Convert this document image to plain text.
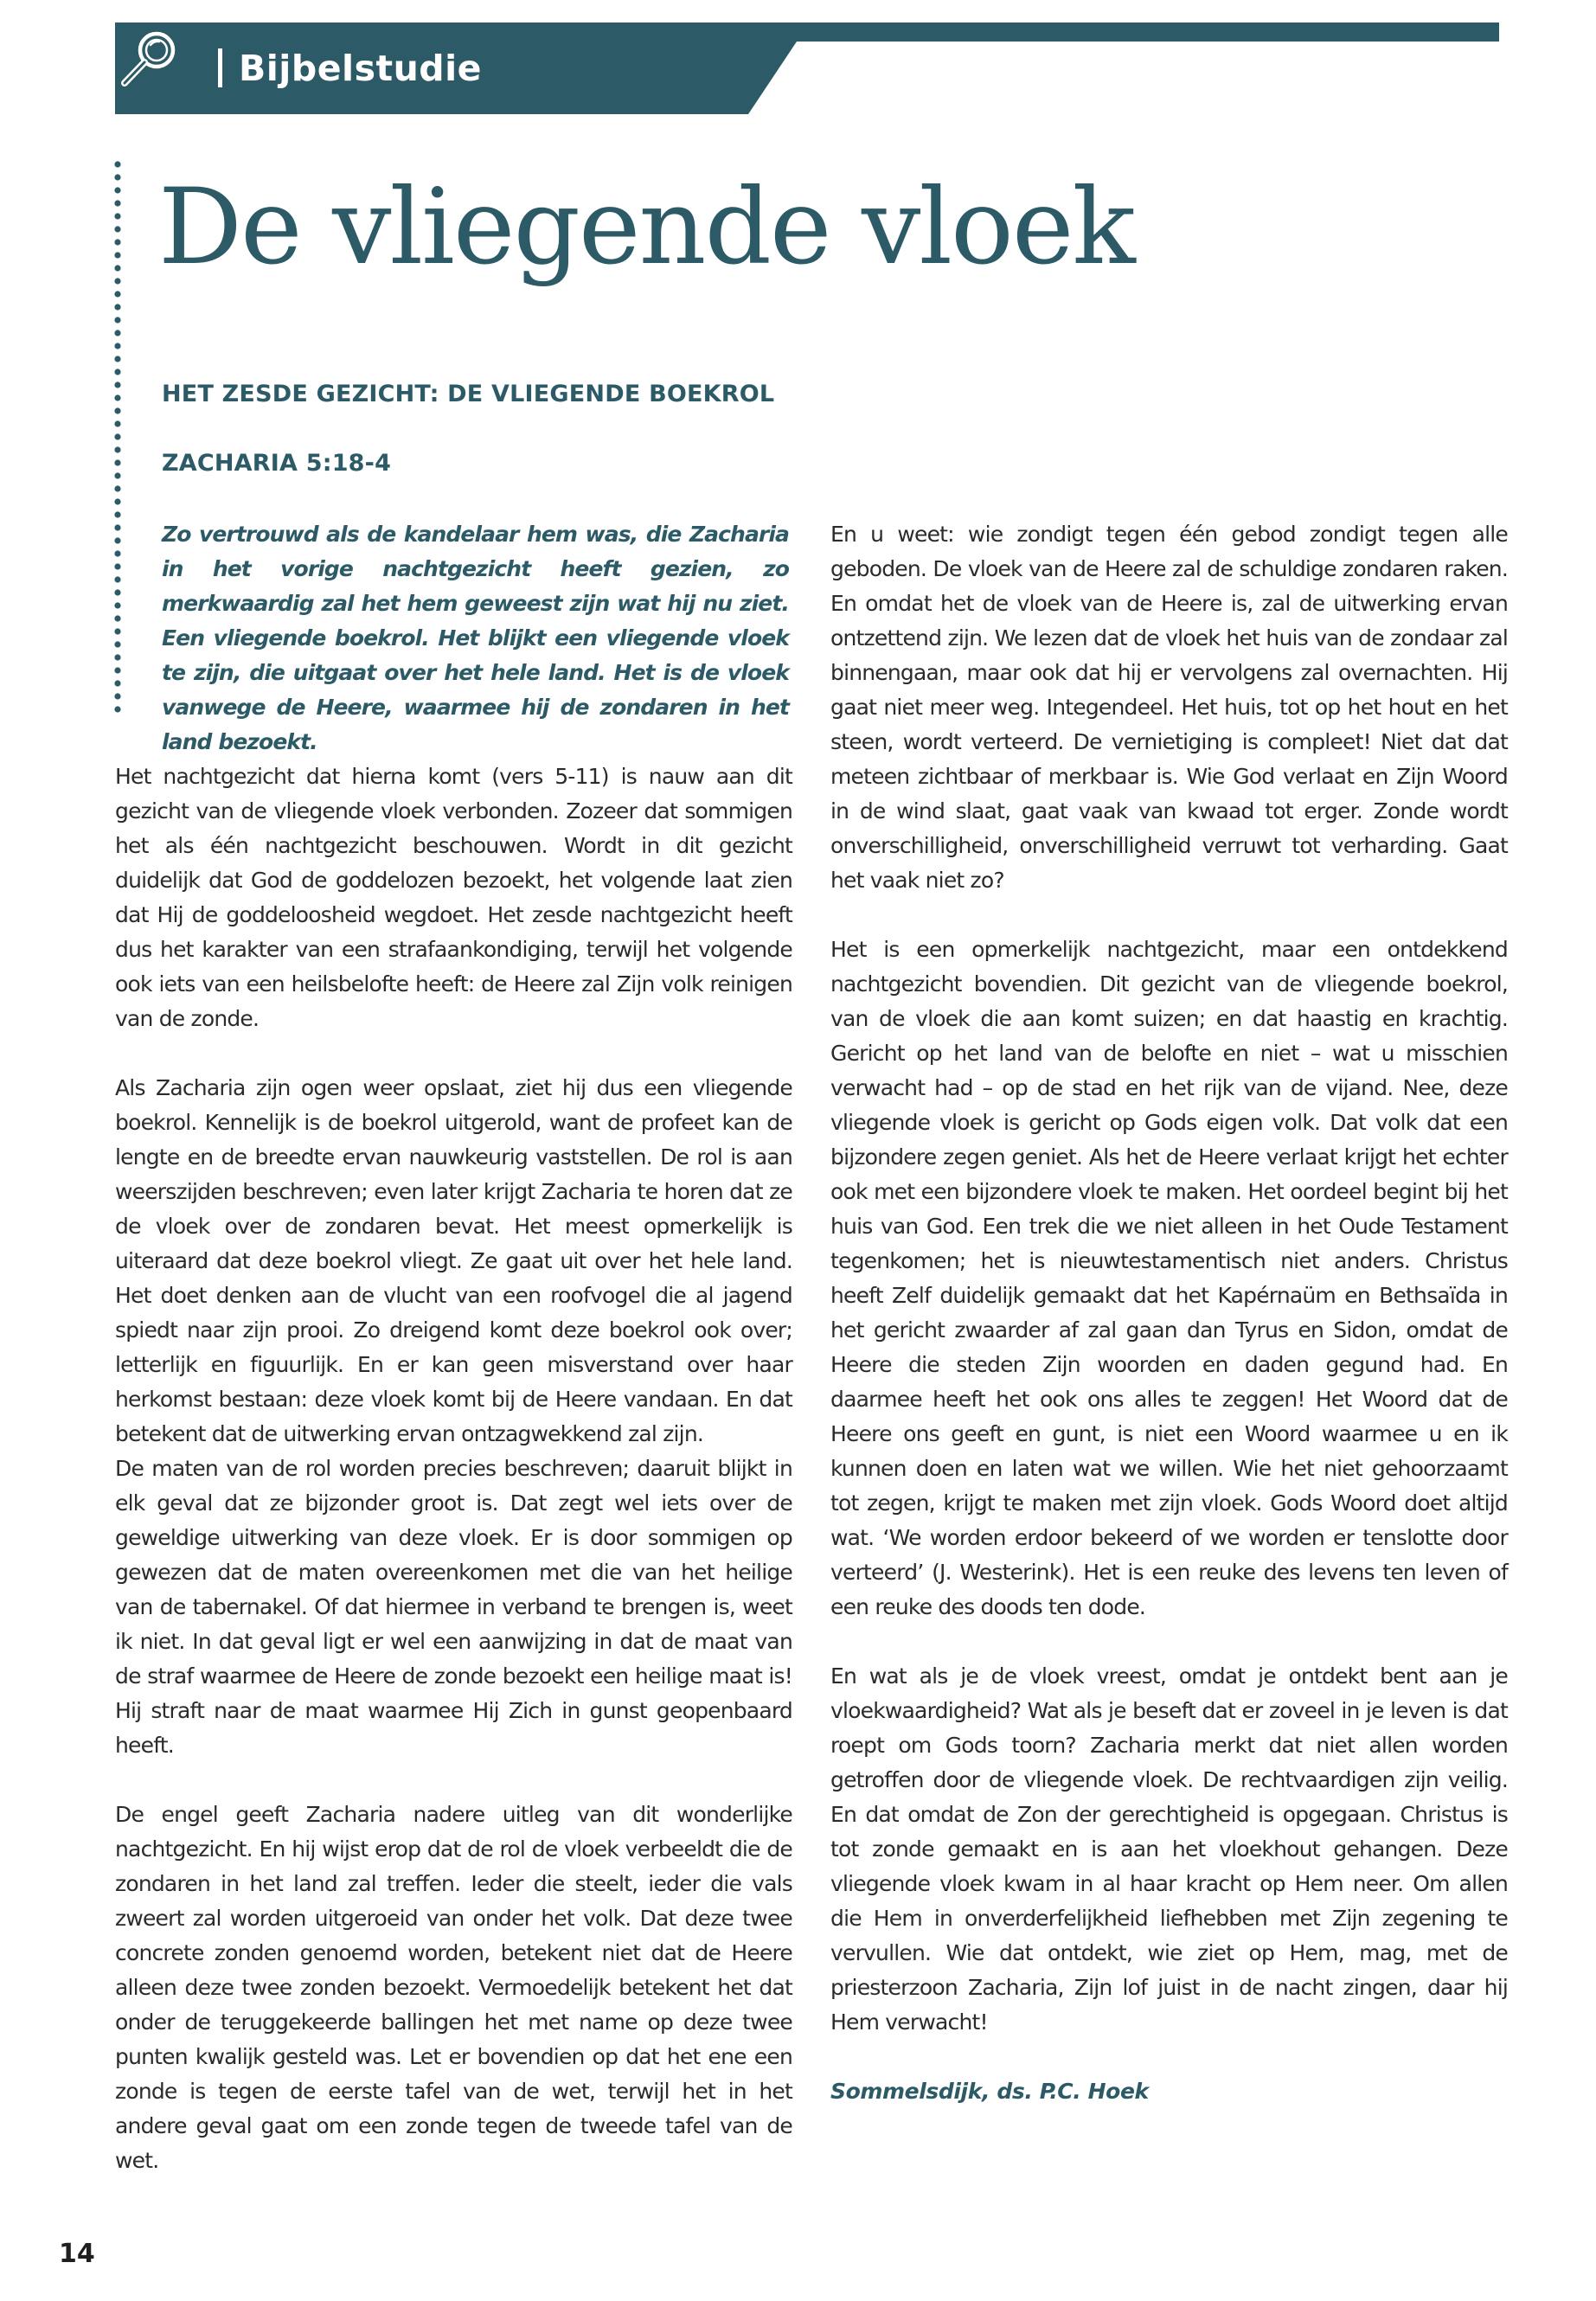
Bijbelstudie
De vliegende vloek

HET ZESDE GEZICHT: DE VLIEGENDE BOEKROL

ZACHARIA 5:18-4

Zo vertrouwd als de kandelaar hem was, die Zacharia in het vorige nachtgezicht heeft gezien, zo merkwaardig zal het hem geweest zijn wat hij nu ziet. Een vliegende boekrol. Het blijkt een vliegende vloek te zijn, die uitgaat over het hele land. Het is de vloek vanwege de Heere, waarmee hij de zondaren in het land bezoekt.

Het nachtgezicht dat hierna komt (vers 5-11) is nauw aan dit gezicht van de vliegende vloek verbonden. Zozeer dat sommigen het als één nachtgezicht beschouwen. Wordt in dit gezicht duidelijk dat God de goddelozen bezoekt, het volgende laat zien dat Hij de goddeloosheid wegdoet. Het zesde nachtgezicht heeft dus het karakter van een strafaankondiging, terwijl het volgende ook iets van een heilsbelofte heeft: de Heere zal Zijn volk reinigen van de zonde.

Als Zacharia zijn ogen weer opslaat, ziet hij dus een vliegende boekrol. Kennelijk is de boekrol uitgerold, want de profeet kan de lengte en de breedte ervan nauwkeurig vaststellen. De rol is aan weerszijden beschreven; even later krijgt Zacharia te horen dat ze de vloek over de zondaren bevat. Het meest opmerkelijk is uiteraard dat deze boekrol vliegt. Ze gaat uit over het hele land. Het doet denken aan de vlucht van een roofvogel die al jagend spiedt naar zijn prooi. Zo dreigend komt deze boekrol ook over; letterlijk en figuurlijk. En er kan geen misverstand over haar herkomst bestaan: deze vloek komt bij de Heere vandaan. En dat betekent dat de uitwerking ervan ontzagwekkend zal zijn.

De maten van de rol worden precies beschreven; daaruit blijkt in elk geval dat ze bijzonder groot is. Dat zegt wel iets over de geweldige uitwerking van deze vloek. Er is door sommigen op gewezen dat de maten overeenkomen met die van het heilige van de tabernakel. Of dat hiermee in verband te brengen is, weet ik niet. In dat geval ligt er wel een aanwijzing in dat de maat van de straf waarmee de Heere de zonde bezoekt een heilige maat is! Hij straft naar de maat waarmee Hij Zich in gunst geopenbaard heeft.

De engel geeft Zacharia nadere uitleg van dit wonderlijke nachtgezicht. En hij wijst erop dat de rol de vloek verbeeldt die de zondaren in het land zal treffen. Ieder die steelt, ieder die vals zweert zal worden uitgeroeid van onder het volk. Dat deze twee concrete zonden genoemd worden, betekent niet dat de Heere alleen deze twee zonden bezoekt. Vermoedelijk betekent het dat onder de teruggekeerde ballingen het met name op deze twee punten kwalijk gesteld was. Let er bovendien op dat het ene een zonde is tegen de eerste tafel van de wet, terwijl het in het andere geval gaat om een zonde tegen de tweede tafel van de wet.

En u weet: wie zondigt tegen één gebod zondigt tegen alle geboden. De vloek van de Heere zal de schuldige zondaren raken. En omdat het de vloek van de Heere is, zal de uitwerking ervan ontzettend zijn. We lezen dat de vloek het huis van de zondaar zal binnengaan, maar ook dat hij er vervolgens zal overnachten. Hij gaat niet meer weg. Integendeel. Het huis, tot op het hout en het steen, wordt verteerd. De vernietiging is compleet! Niet dat dat meteen zichtbaar of merkbaar is. Wie God verlaat en Zijn Woord in de wind slaat, gaat vaak van kwaad tot erger. Zonde wordt onverschilligheid, onverschilligheid verruwt tot verharding. Gaat het vaak niet zo?

Het is een opmerkelijk nachtgezicht, maar een ontdekkend nachtgezicht bovendien. Dit gezicht van de vliegende boekrol, van de vloek die aan komt suizen; en dat haastig en krachtig. Gericht op het land van de belofte en niet – wat u misschien verwacht had – op de stad en het rijk van de vijand. Nee, deze vliegende vloek is gericht op Gods eigen volk. Dat volk dat een bijzondere zegen geniet. Als het de Heere verlaat krijgt het echter ook met een bijzondere vloek te maken. Het oordeel begint bij het huis van God. Een trek die we niet alleen in het Oude Testament tegenkomen; het is nieuwtestamentisch niet anders. Christus heeft Zelf duidelijk gemaakt dat het Kapérnaüm en Bethsaïda in het gericht zwaarder af zal gaan dan Tyrus en Sidon, omdat de Heere die steden Zijn woorden en daden gegund had. En daarmee heeft het ook ons alles te zeggen! Het Woord dat de Heere ons geeft en gunt, is niet een Woord waarmee u en ik kunnen doen en laten wat we willen. Wie het niet gehoorzaamt tot zegen, krijgt te maken met zijn vloek. Gods Woord doet altijd wat. ‘We worden erdoor bekeerd of we worden er tenslotte door verteerd’ (J. Westerink). Het is een reuke des levens ten leven of een reuke des doods ten dode.

En wat als je de vloek vreest, omdat je ontdekt bent aan je vloekwaardigheid? Wat als je beseft dat er zoveel in je leven is dat roept om Gods toorn? Zacharia merkt dat niet allen worden getroffen door de vliegende vloek. De rechtvaardigen zijn veilig. En dat omdat de Zon der gerechtigheid is opgegaan. Christus is tot zonde gemaakt en is aan het vloekhout gehangen. Deze vliegende vloek kwam in al haar kracht op Hem neer. Om allen die Hem in onverderfelijkheid liefhebben met Zijn zegening te vervullen. Wie dat ontdekt, wie ziet op Hem, mag, met de priesterzoon Zacharia, Zijn lof juist in de nacht zingen, daar hij Hem verwacht!

Sommelsdijk, ds. P.C. Hoek

14
